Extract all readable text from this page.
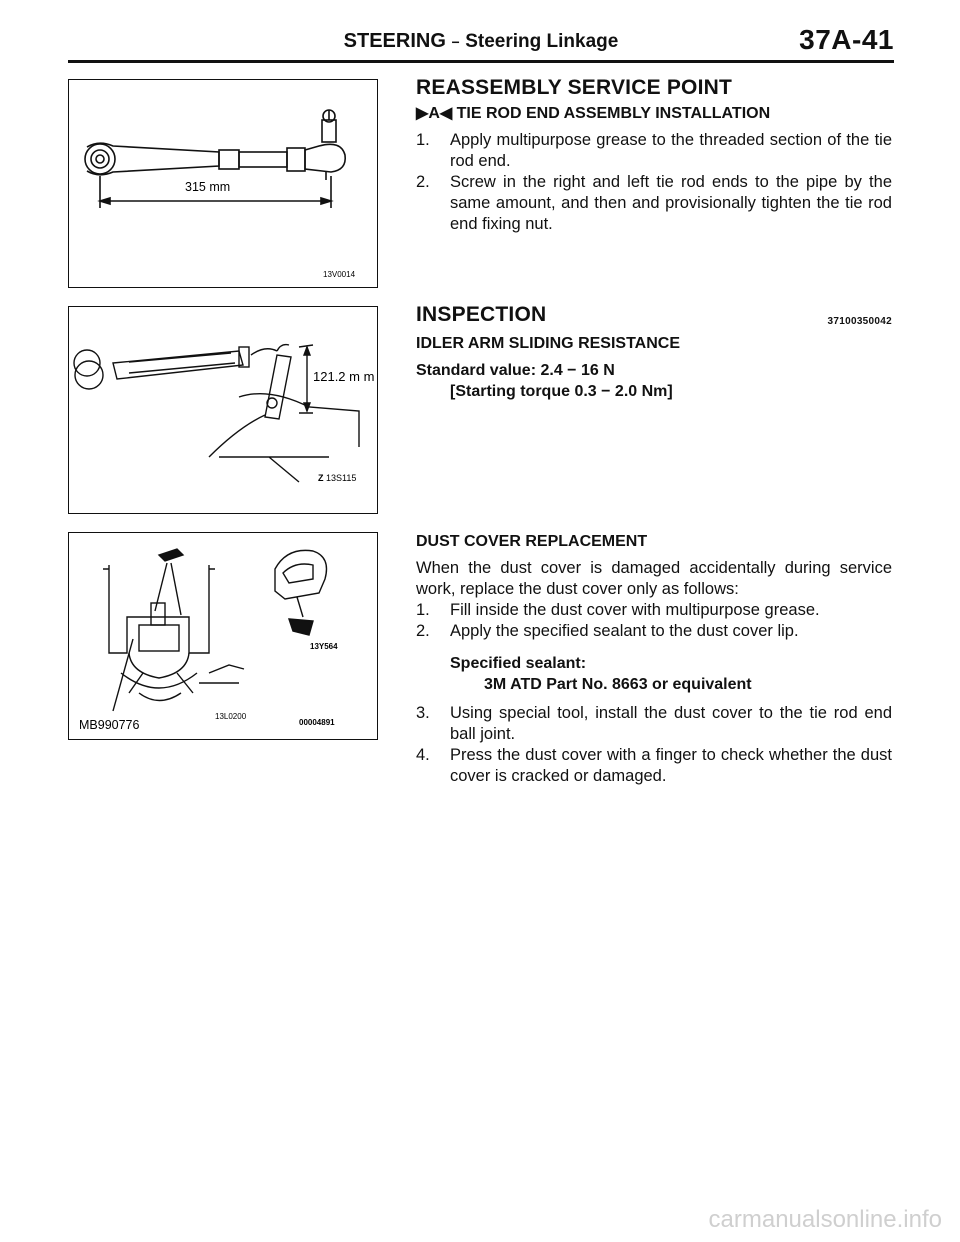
STEERING − Steering Linkage	37A-41
315 mm
13V0014
121.2 m m
Z 13S115
13Y564
MB990776
13L0200
00004891
REASSEMBLY SERVICE POINT

▶A◀ TIE ROD END ASSEMBLY INSTALLATION

1. Apply multipurpose grease to the threaded section of the tie rod end.
2. Screw in the right and left tie rod ends to the pipe by the same amount, and then and provisionally tighten the tie rod end fixing nut.
INSPECTION	37100350042

IDLER ARM SLIDING RESISTANCE

Standard value: 2.4 − 16 N

[Starting torque 0.3 − 2.0 Nm]

DUST COVER REPLACEMENT

When the dust cover is damaged accidentally during service work, replace the dust cover only as follows:

1. Fill inside the dust cover with multipurpose grease.
2. Apply the specified sealant to the dust cover lip.

Specified sealant:

3M ATD Part No. 8663 or equivalent

3. Using special tool, install the dust cover to the tie rod end ball joint.
4. Press the dust cover with a finger to check whether the dust cover is cracked or damaged.
carmanualsonline.info
